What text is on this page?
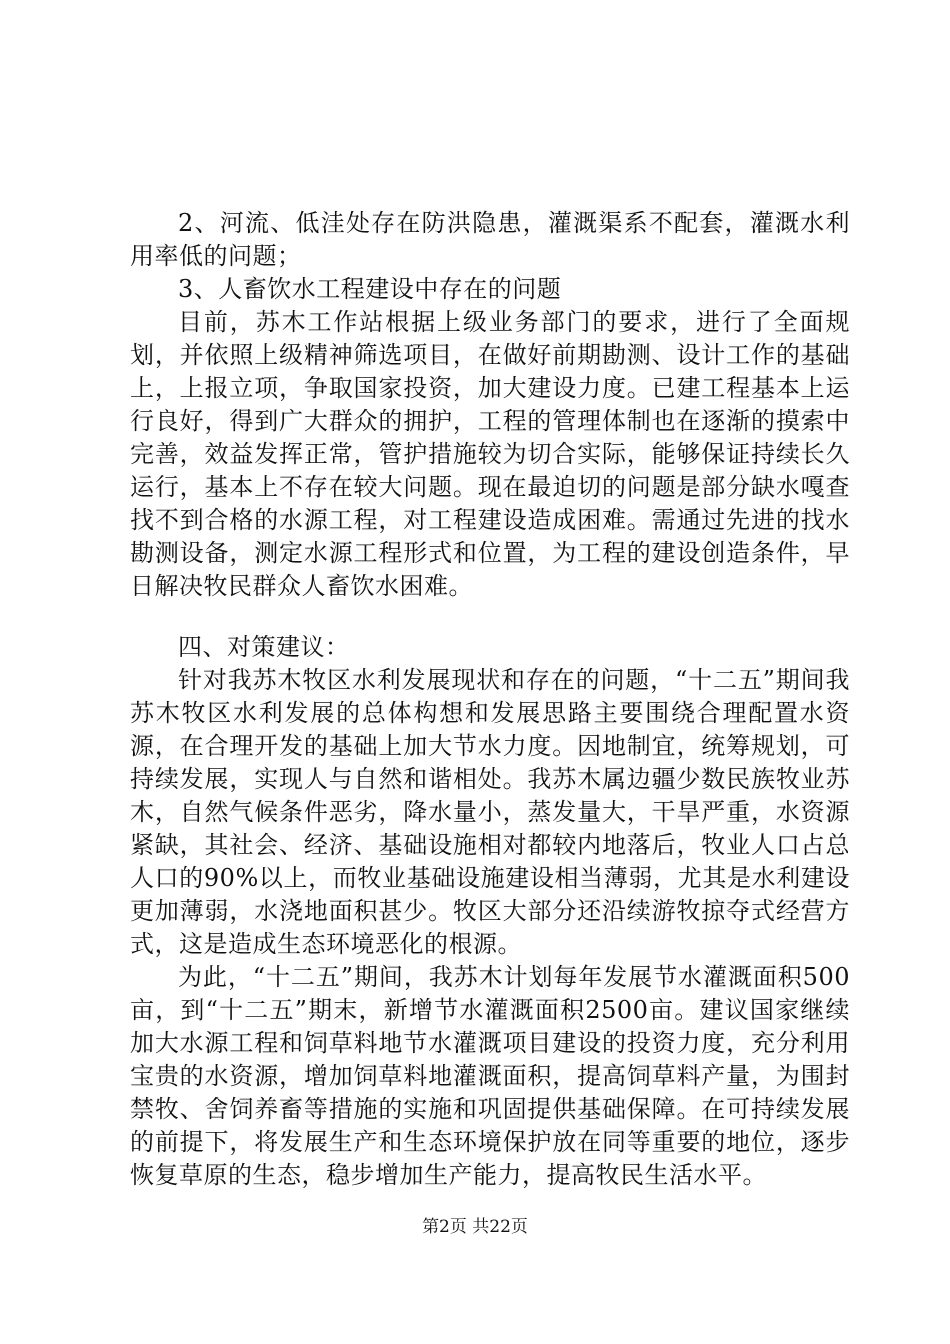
2、河流、低洼处存在防洪隐患，灌溉渠系不配套，灌溉水利用率低的问题；

3、人畜饮水工程建设中存在的问题

目前，苏木工作站根据上级业务部门的要求，进行了全面规划，并依照上级精神筛选项目，在做好前期勘测、设计工作的基础上，上报立项，争取国家投资，加大建设力度。已建工程基本上运行良好，得到广大群众的拥护，工程的管理体制也在逐渐的摸索中完善，效益发挥正常，管护措施较为切合实际，能够保证持续长久运行，基本上不存在较大问题。现在最迫切的问题是部分缺水嘎查找不到合格的水源工程，对工程建设造成困难。需通过先进的找水勘测设备，测定水源工程形式和位置，为工程的建设创造条件，早日解决牧民群众人畜饮水困难。

四、对策建议：

针对我苏木牧区水利发展现状和存在的问题，“十二五”期间我苏木牧区水利发展的总体构想和发展思路主要围绕合理配置水资源，在合理开发的基础上加大节水力度。因地制宜，统筹规划，可持续发展，实现人与自然和谐相处。我苏木属边疆少数民族牧业苏木，自然气候条件恶劣，降水量小，蒸发量大，干旱严重，水资源紧缺，其社会、经济、基础设施相对都较内地落后，牧业人口占总人口的90%以上，而牧业基础设施建设相当薄弱，尤其是水利建设更加薄弱，水浇地面积甚少。牧区大部分还沿续游牧掠夺式经营方式，这是造成生态环境恶化的根源。

为此，“十二五”期间，我苏木计划每年发展节水灌溉面积500亩，到“十二五”期末，新增节水灌溉面积2500亩。建议国家继续加大水源工程和饲草料地节水灌溉项目建设的投资力度，充分利用宝贵的水资源，增加饲草料地灌溉面积，提高饲草料产量，为围封禁牧、舍饲养畜等措施的实施和巩固提供基础保障。在可持续发展的前提下，将发展生产和生态环境保护放在同等重要的地位，逐步恢复草原的生态，稳步增加生产能力，提高牧民生活水平。

第2页 共22页
